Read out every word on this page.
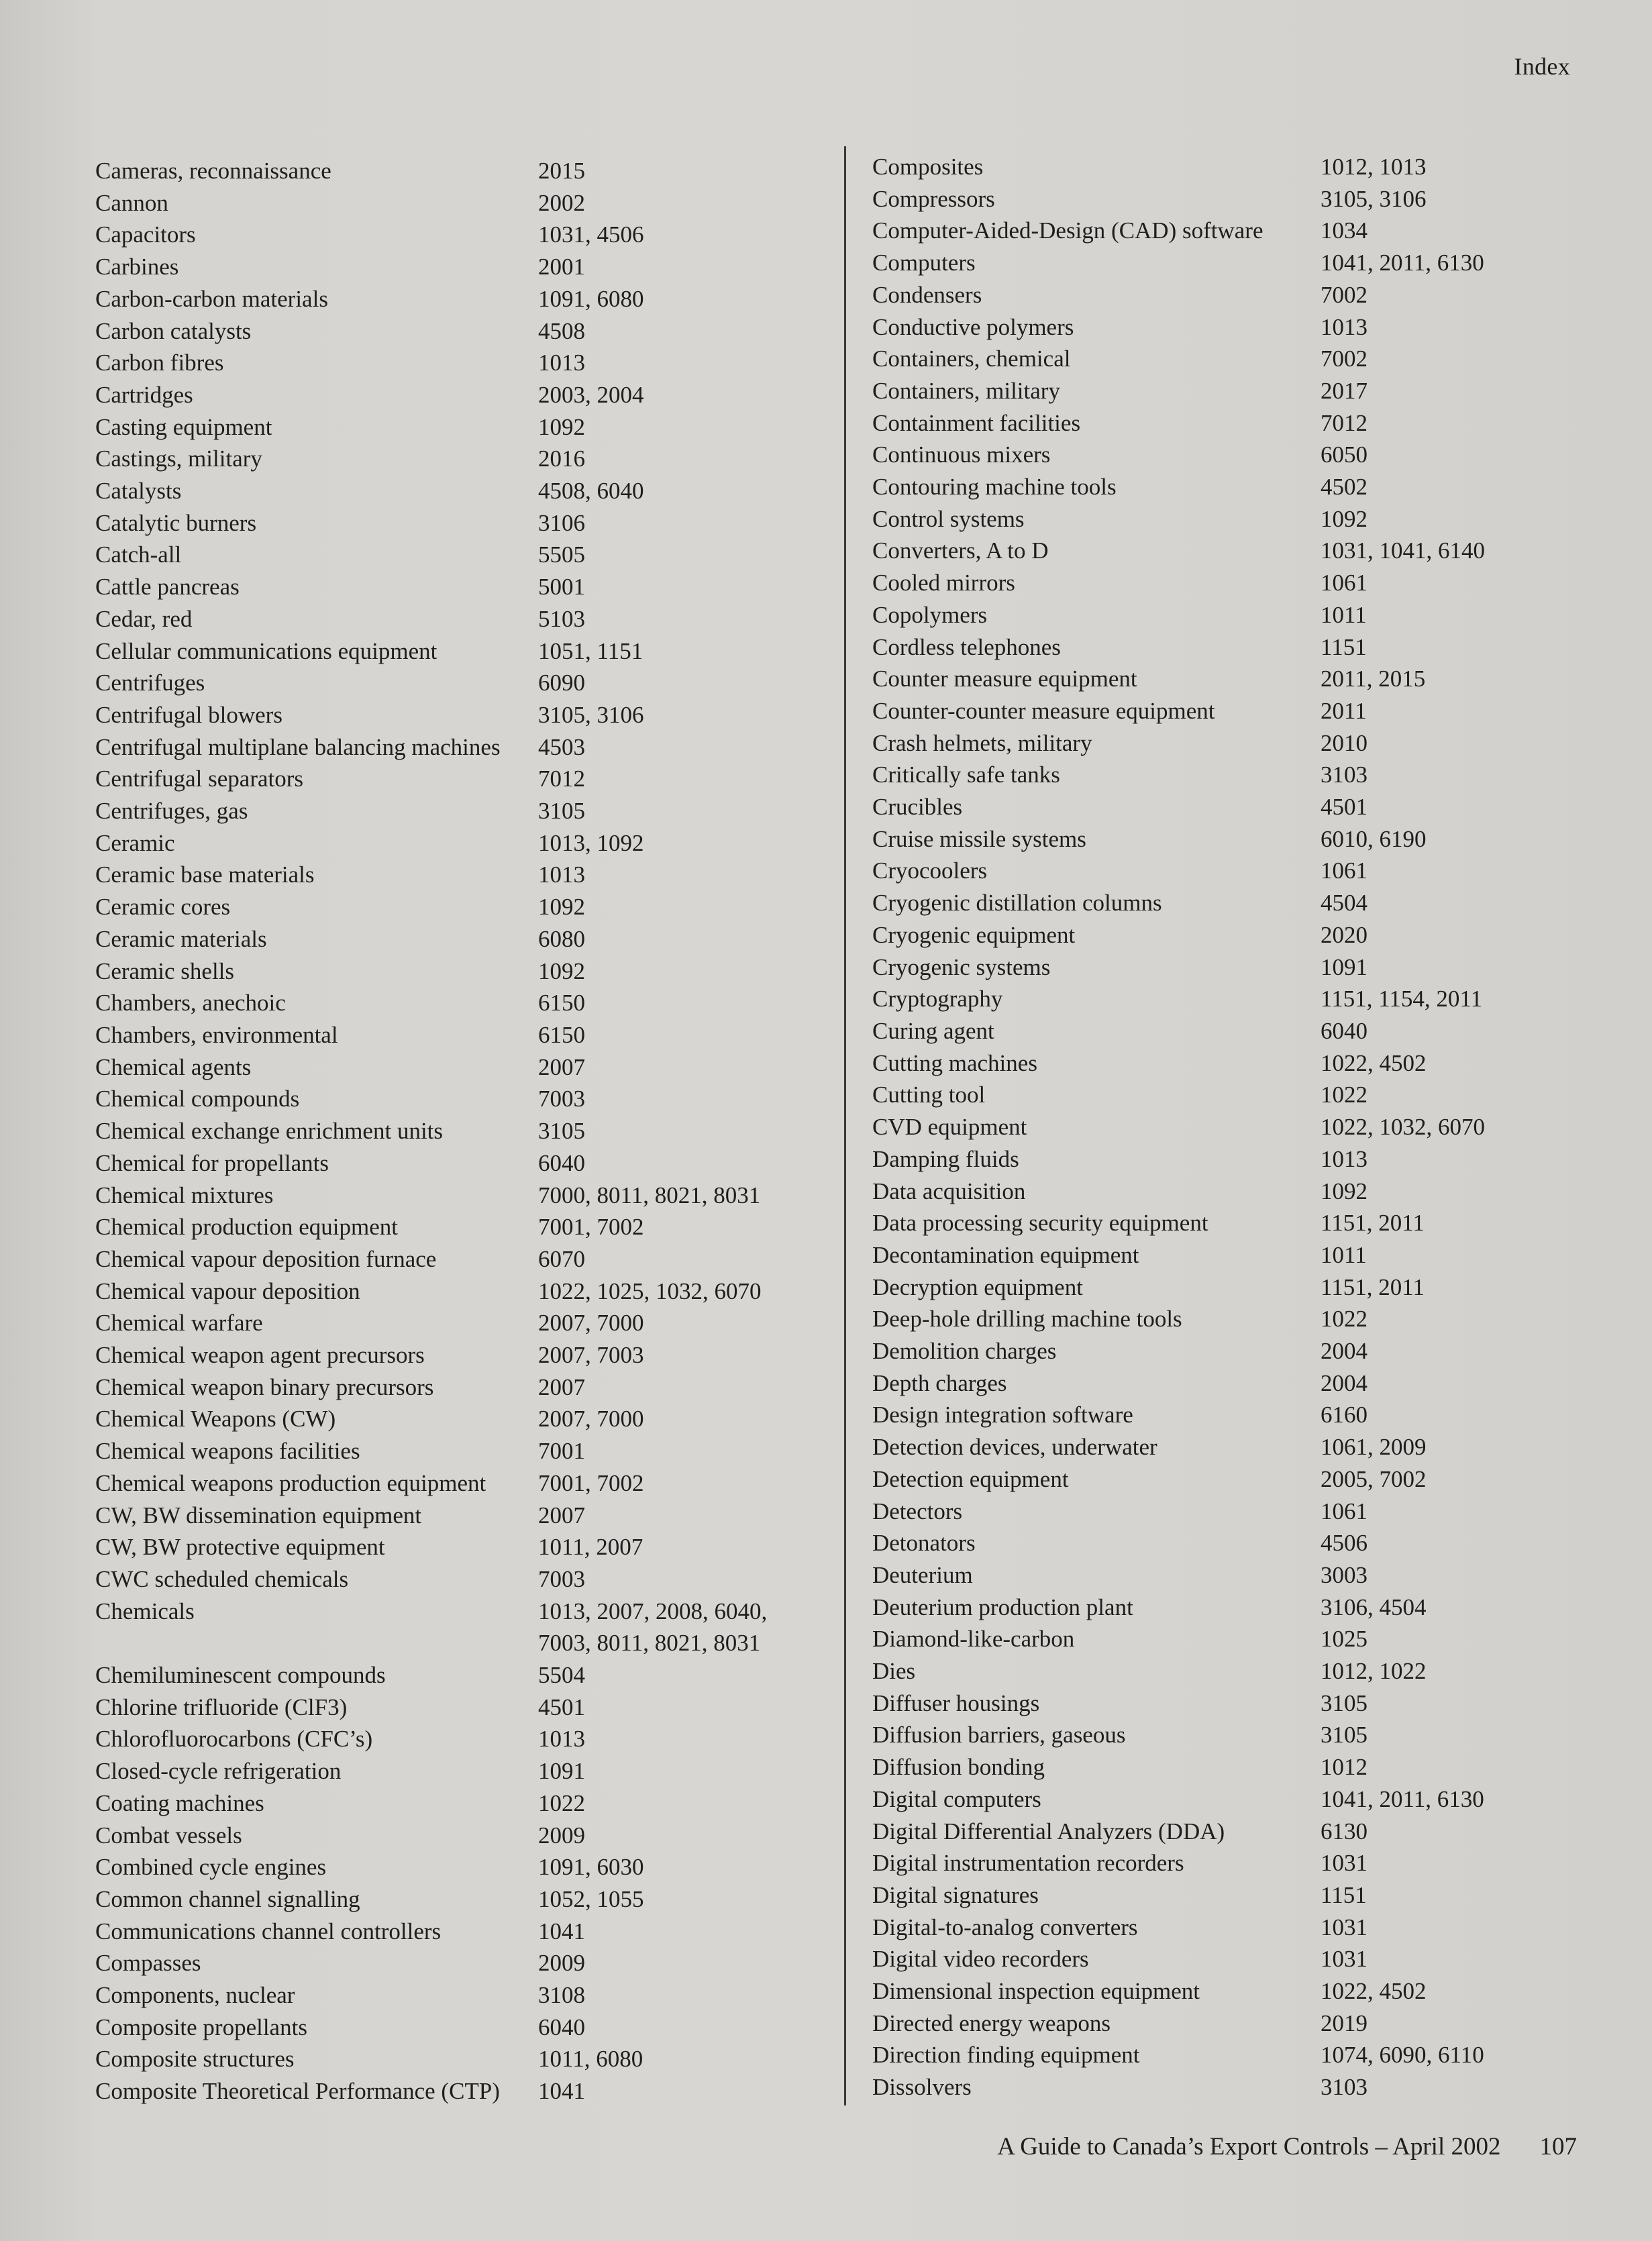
Index
Cameras, reconnaissance	2015
Cannon	2002
Capacitors	1031, 4506
Carbines	2001
Carbon-carbon materials	1091, 6080
Carbon catalysts	4508
Carbon fibres	1013
Cartridges	2003, 2004
Casting equipment	1092
Castings, military	2016
Catalysts	4508, 6040
Catalytic burners	3106
Catch-all	5505
Cattle pancreas	5001
Cedar, red	5103
Cellular communications equipment	1051, 1151
Centrifuges	6090
Centrifugal blowers	3105, 3106
Centrifugal multiplane balancing machines	4503
Centrifugal separators	7012
Centrifuges, gas	3105
Ceramic	1013, 1092
Ceramic base materials	1013
Ceramic cores	1092
Ceramic materials	6080
Ceramic shells	1092
Chambers, anechoic	6150
Chambers, environmental	6150
Chemical agents	2007
Chemical compounds	7003
Chemical exchange enrichment units	3105
Chemical for propellants	6040
Chemical mixtures	7000, 8011, 8021, 8031
Chemical production equipment	7001, 7002
Chemical vapour deposition furnace	6070
Chemical vapour deposition	1022, 1025, 1032, 6070
Chemical warfare	2007, 7000
Chemical weapon agent precursors	2007, 7003
Chemical weapon binary precursors	2007
Chemical Weapons (CW)	2007, 7000
Chemical weapons facilities	7001
Chemical weapons production equipment	7001, 7002
CW, BW dissemination equipment	2007
CW, BW protective equipment	1011, 2007
CWC scheduled chemicals	7003
Chemicals	1013, 2007, 2008, 6040,
7003, 8011, 8021, 8031
Chemiluminescent compounds	5504
Chlorine trifluoride (ClF3)	4501
Chlorofluorocarbons (CFC’s)	1013
Closed-cycle refrigeration	1091
Coating machines	1022
Combat vessels	2009
Combined cycle engines	1091, 6030
Common channel signalling	1052, 1055
Communications channel controllers	1041
Compasses	2009
Components, nuclear	3108
Composite propellants	6040
Composite structures	1011, 6080
Composite Theoretical Performance (CTP)	1041
Composites	1012, 1013
Compressors	3105, 3106
Computer-Aided-Design (CAD) software	1034
Computers	1041, 2011, 6130
Condensers	7002
Conductive polymers	1013
Containers, chemical	7002
Containers, military	2017
Containment facilities	7012
Continuous mixers	6050
Contouring machine tools	4502
Control systems	1092
Converters, A to D	1031, 1041, 6140
Cooled mirrors	1061
Copolymers	1011
Cordless telephones	1151
Counter measure equipment	2011, 2015
Counter-counter measure equipment	2011
Crash helmets, military	2010
Critically safe tanks	3103
Crucibles	4501
Cruise missile systems	6010, 6190
Cryocoolers	1061
Cryogenic distillation columns	4504
Cryogenic equipment	2020
Cryogenic systems	1091
Cryptography	1151, 1154, 2011
Curing agent	6040
Cutting machines	1022, 4502
Cutting tool	1022
CVD equipment	1022, 1032, 6070
Damping fluids	1013
Data acquisition	1092
Data processing security equipment	1151, 2011
Decontamination equipment	1011
Decryption equipment	1151, 2011
Deep-hole drilling machine tools	1022
Demolition charges	2004
Depth charges	2004
Design integration software	6160
Detection devices, underwater	1061, 2009
Detection equipment	2005, 7002
Detectors	1061
Detonators	4506
Deuterium	3003
Deuterium production plant	3106, 4504
Diamond-like-carbon	1025
Dies	1012, 1022
Diffuser housings	3105
Diffusion barriers, gaseous	3105
Diffusion bonding	1012
Digital computers	1041, 2011, 6130
Digital Differential Analyzers (DDA)	6130
Digital instrumentation recorders	1031
Digital signatures	1151
Digital-to-analog converters	1031
Digital video recorders	1031
Dimensional inspection equipment	1022, 4502
Directed energy weapons	2019
Direction finding equipment	1074, 6090, 6110
Dissolvers	3103
A Guide to Canada’s Export Controls – April 2002 107
